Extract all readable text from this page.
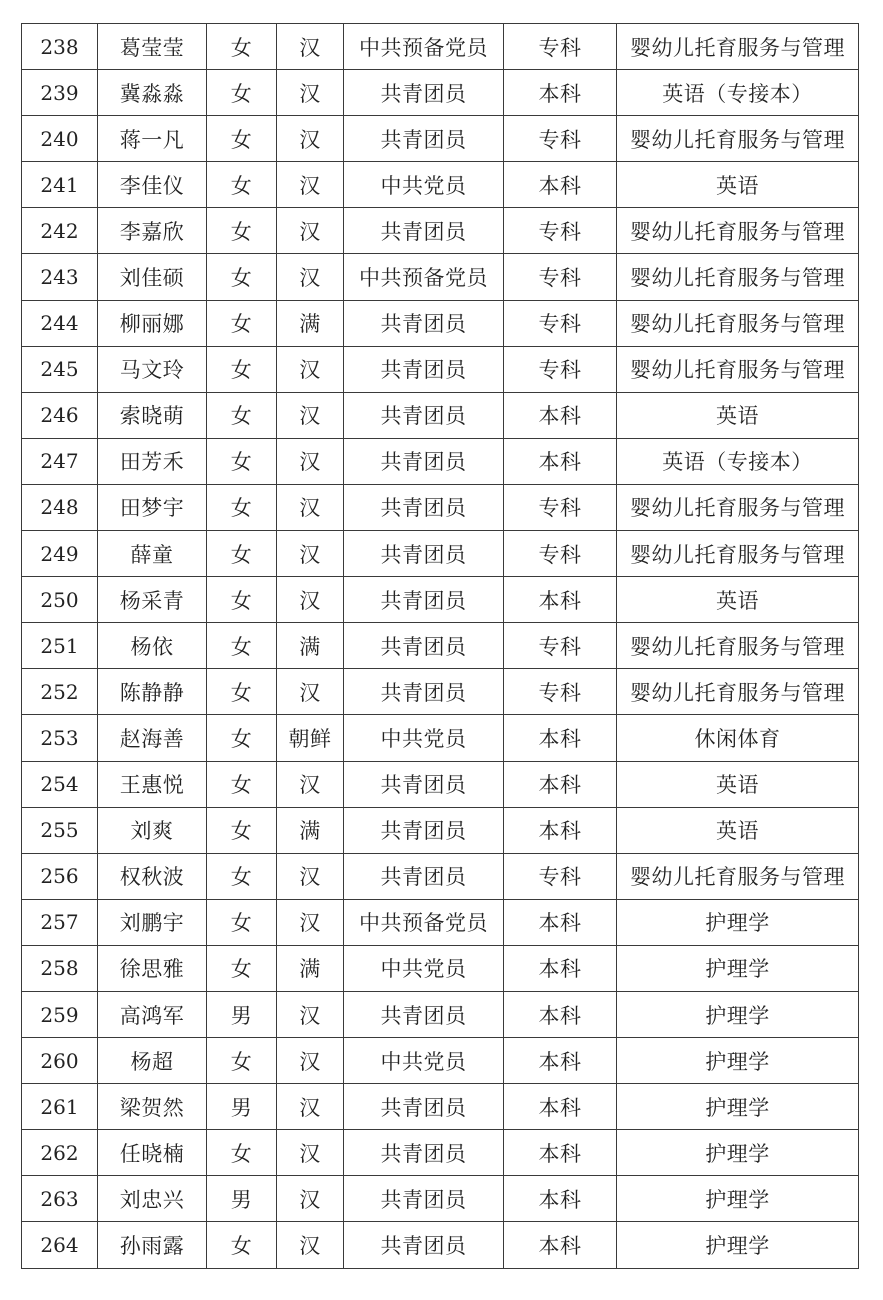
238	葛莹莹	女	汉	中共预备党员	专科	婴幼儿托育服务与管理
239	冀淼淼	女	汉	共青团员	本科	英语（专接本）
240	蒋一凡	女	汉	共青团员	专科	婴幼儿托育服务与管理
241	李佳仪	女	汉	中共党员	本科	英语
242	李嘉欣	女	汉	共青团员	专科	婴幼儿托育服务与管理
243	刘佳硕	女	汉	中共预备党员	专科	婴幼儿托育服务与管理
244	柳丽娜	女	满	共青团员	专科	婴幼儿托育服务与管理
245	马文玲	女	汉	共青团员	专科	婴幼儿托育服务与管理
246	索晓萌	女	汉	共青团员	本科	英语
247	田芳禾	女	汉	共青团员	本科	英语（专接本）
248	田梦宇	女	汉	共青团员	专科	婴幼儿托育服务与管理
249	薛童	女	汉	共青团员	专科	婴幼儿托育服务与管理
250	杨采青	女	汉	共青团员	本科	英语
251	杨依	女	满	共青团员	专科	婴幼儿托育服务与管理
252	陈静静	女	汉	共青团员	专科	婴幼儿托育服务与管理
253	赵海善	女	朝鲜	中共党员	本科	休闲体育
254	王惠悦	女	汉	共青团员	本科	英语
255	刘爽	女	满	共青团员	本科	英语
256	权秋波	女	汉	共青团员	专科	婴幼儿托育服务与管理
257	刘鹏宇	女	汉	中共预备党员	本科	护理学
258	徐思雅	女	满	中共党员	本科	护理学
259	高鸿军	男	汉	共青团员	本科	护理学
260	杨超	女	汉	中共党员	本科	护理学
261	梁贺然	男	汉	共青团员	本科	护理学
262	任晓楠	女	汉	共青团员	本科	护理学
263	刘忠兴	男	汉	共青团员	本科	护理学
264	孙雨露	女	汉	共青团员	本科	护理学
